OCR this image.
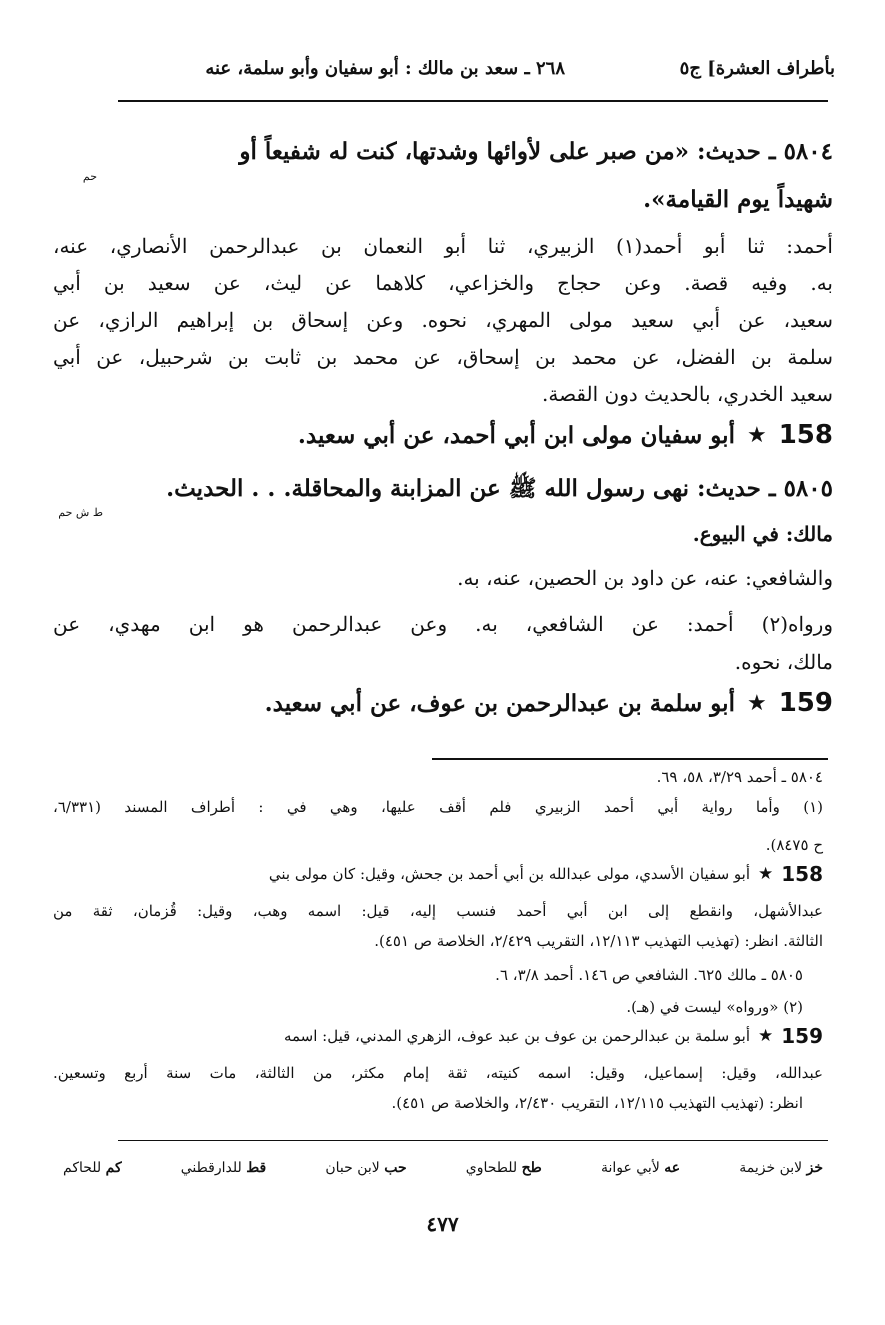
بأطراف العشرة] ج٥
٢٦٨ ـ سعد بن مالك : أبو سفيان وأبو سلمة، عنه
٥٨٠٤ ـ حديث: «من صبر على لأوائها وشدتها، كنت له شفيعاً أو
حم
شهيداً يوم القيامة».
أحمد: ثنا أبو أحمد(١) الزبيري، ثنا أبو النعمان بن عبدالرحمن الأنصاري، عنه،
به. وفيه قصة. وعن حجاج والخزاعي، كلاهما عن ليث، عن سعيد بن أبي
سعيد، عن أبي سعيد مولى المهري، نحوه. وعن إسحاق بن إبراهيم الرازي، عن
سلمة بن الفضل، عن محمد بن إسحاق، عن محمد بن ثابت بن شرحبيل، عن أبي
سعيد الخدري، بالحديث دون القصة.
أبو سفيان مولى ابن أبي أحمد، عن أبي سعيد. ★ 158
٥٨٠٥ ـ حديث: نهى رسول الله ﷺ عن المزابنة والمحاقلة. . . الحديث.
ط ش حم
مالك: في البيوع.
والشافعي: عنه، عن داود بن الحصين، عنه، به.
ورواه(٢) أحمد: عن الشافعي، به. وعن عبدالرحمن هو ابن مهدي، عن
مالك، نحوه.
أبو سلمة بن عبدالرحمن بن عوف، عن أبي سعيد. ★ 159
٥٨٠٤ ـ أحمد ٣/٢٩، ٥٨، ٦٩.
(١) وأما رواية أبي أحمد الزبيري فلم أقف عليها، وهي في : أطراف المسند (٦/٣٣١،
ح ٨٤٧٥).
أبو سفيان الأسدي، مولى عبدالله بن أبي أحمد بن جحش، وقيل: كان مولى بني ★ 158
عبدالأشهل، وانقطع إلى ابن أبي أحمد فنسب إليه، قيل: اسمه وهب، وقيل: قُزمان، ثقة من
الثالثة. انظر: (تهذيب التهذيب ١٢/١١٣، التقريب ٢/٤٢٩، الخلاصة ص ٤٥١).
٥٨٠٥ ـ مالك ٦٢٥. الشافعي ص ١٤٦. أحمد ٣/٨، ٦.
(٢) «ورواه» ليست في (هـ).
أبو سلمة بن عبدالرحمن بن عوف بن عبد عوف، الزهري المدني، قيل: اسمه ★ 159
عبدالله، وقيل: إسماعيل، وقيل: اسمه كنيته، ثقة إمام مكثر، من الثالثة، مات سنة أربع وتسعين.
انظر: (تهذيب التهذيب ١٢/١١٥، التقريب ٢/٤٣٠، والخلاصة ص ٤٥١).
خز لابن خزيمة
عه لأبي عوانة
طح للطحاوي
حب لابن حبان
قط للدارقطني
كم للحاكم
٤٧٧
